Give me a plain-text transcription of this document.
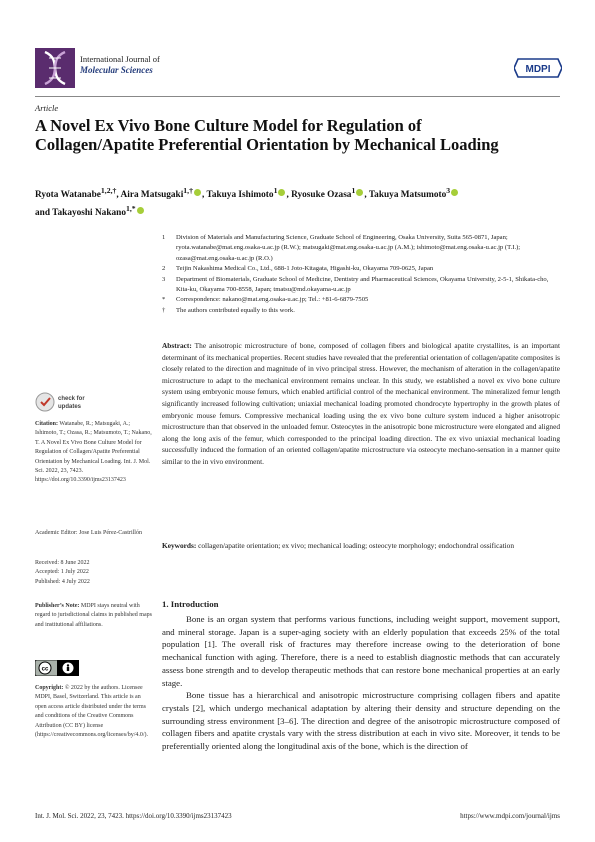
International Journal of
Molecular Sciences	MDPI
Article
A Novel Ex Vivo Bone Culture Model for Regulation of Collagen/Apatite Preferential Orientation by Mechanical Loading
Ryota Watanabe$^{1,2,\dagger}$, Aira Matsugaki$^{1,\dagger}$ , Takuya Ishimoto$^1$ , Ryosuke Ozasa$^1$ , Takuya Matsumoto$^3$
and Takayoshi Nakano$^{1,*}$
1	Division of Materials and Manufacturing Science, Graduate School of Engineering, Osaka University, Suita 565-0871, Japan; ryota.watanabe@mat.eng.osaka-u.ac.jp (R.W.); matsugaki@mat.eng.osaka-u.ac.jp (A.M.); ishimoto@mat.eng.osaka-u.ac.jp (T.I.); ozasa@mat.eng.osaka-u.ac.jp (R.O.)
2	Teijin Nakashima Medical Co., Ltd., 688-1 Joto-Kitagata, Higashi-ku, Okayama 709-0625, Japan
3	Department of Biomaterials, Graduate School of Medicine, Dentistry and Pharmaceutical Sciences, Okayama University, 2-5-1, Shikata-cho, Kita-ku, Okayama 700-8558, Japan; tmatsu@md.okayama-u.ac.jp
*	Correspondence: nakano@mat.eng.osaka-u.ac.jp; Tel.: +81-6-6879-7505
†	The authors contributed equally to this work.
check for
updates
Citation: Watanabe, R.; Matsugaki, A.; Ishimoto, T.; Ozasa, R.; Matsumoto, T.; Nakano, T. A Novel Ex Vivo Bone Culture Model for Regulation of Collagen/Apatite Preferential Orientation by Mechanical Loading. Int. J. Mol. Sci. 2022, 23, 7423. https://doi.org/10.3390/ijms23137423
Academic Editor: Jose Luis Pérez-Castrillón
Received: 8 June 2022
Accepted: 1 July 2022
Published: 4 July 2022
Publisher’s Note: MDPI stays neutral with regard to jurisdictional claims in published maps and institutional affiliations.
cc
Copyright: © 2022 by the authors. Licensee MDPI, Basel, Switzerland. This article is an open access article distributed under the terms and conditions of the Creative Commons Attribution (CC BY) license (https://creativecommons.org/licenses/by/4.0/).
Abstract: The anisotropic microstructure of bone, composed of collagen fibers and biological apatite crystallites, is an important determinant of its mechanical properties. Recent studies have revealed that the preferential orientation of collagen/apatite composites is closely related to the direction and magnitude of in vivo principal stress. However, the mechanism of alteration in the collagen/apatite microstructure to adapt to the mechanical environment remains unclear. In this study, we established a novel ex vivo bone culture system using embryonic mouse femurs, which enabled artificial control of the mechanical environment. The mineralized femur length significantly increased following cultivation; uniaxial mechanical loading promoted chondrocyte hypertrophy in the growth plates of embryonic mouse femurs. Compressive mechanical loading using the ex vivo bone culture system induced a higher anisotropic microstructure than that observed in the unloaded femur. Osteocytes in the anisotropic bone microstructure were elongated and aligned along the long axis of the femur, which corresponded to the principal loading direction. The ex vivo uniaxial mechanical loading successfully induced the formation of an oriented collagen/apatite microstructure via osteocyte mechano-sensation in a manner quite similar to the in vivo environment.
Keywords: collagen/apatite orientation; ex vivo; mechanical loading; osteocyte morphology; endochondral ossification
1. Introduction

Bone is an organ system that performs various functions, including weight support, movement support, and mineral storage. Japan is a super-aging society with an elderly population that exceeds 25% of the total population [1]. The overall risk of fractures may therefore increase owing to the deterioration of bone mechanical function with aging. Therefore, there is a need to establish diagnostic methods that can accurately assess bone strength and to develop therapeutic methods that can restore bone mechanical properties at an early stage.

Bone tissue has a hierarchical and anisotropic microstructure comprising collagen fibers and apatite crystals [2], which undergo mechanical adaptation by altering their density and structure depending on the surrounding stress environment [3–6]. The direction and degree of the anisotropic microstructure composed of collagen fibers and apatite crystals vary with the stress distribution at each in vivo site. Moreover, it tends to be preferentially oriented along the longitudinal axis of the bone, which is the direction of

Int. J. Mol. Sci. 2022, 23, 7423. https://doi.org/10.3390/ijms23137423	https://www.mdpi.com/journal/ijms
